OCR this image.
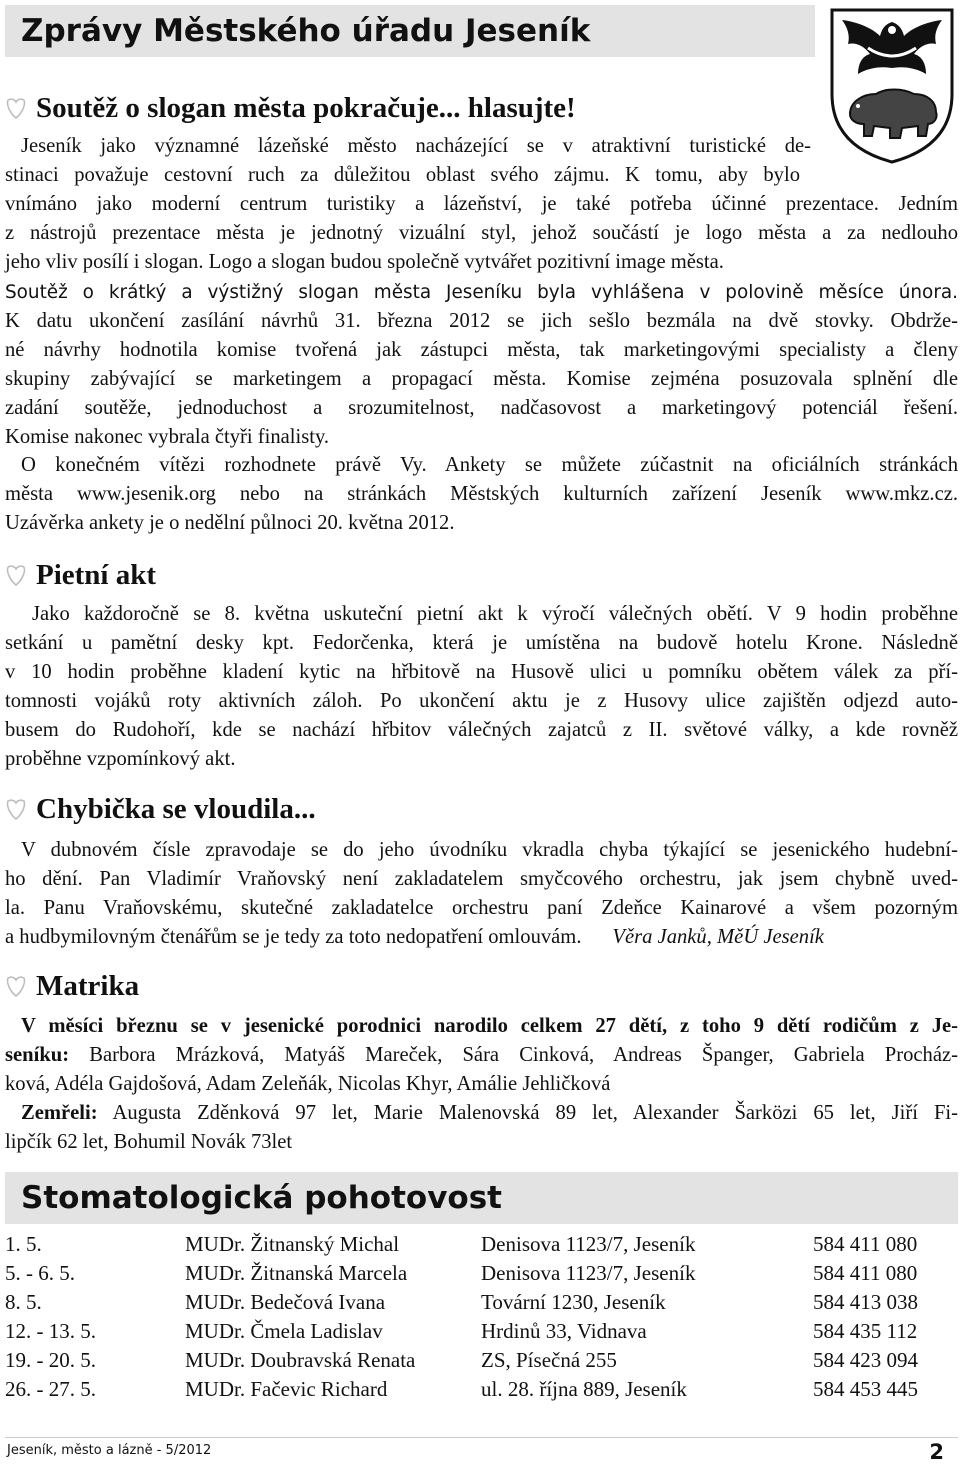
Zprávy Městského úřadu Jeseník
Soutěž o slogan města pokračuje... hlasujte!
Jeseník jako významné lázeňské město nacházející se v atraktivní turistické de-
stinaci považuje cestovní ruch za důležitou oblast svého zájmu. K tomu, aby bylo
vnímáno jako moderní centrum turistiky a lázeňství, je také potřeba účinné prezentace. Jedním
z nástrojů prezentace města je jednotný vizuální styl, jehož součástí je logo města a za nedlouho
jeho vliv posílí i slogan. Logo a slogan budou společně vytvářet pozitivní image města.
Soutěž o krátký a výstižný slogan města Jeseníku byla vyhlášena v polovině měsíce února.
K datu ukončení zasílání návrhů 31. března 2012 se jich sešlo bezmála na dvě stovky. Obdrže-
né návrhy hodnotila komise tvořená jak zástupci města, tak marketingovými specialisty a členy
skupiny zabývající se marketingem a propagací města. Komise zejména posuzovala splnění dle
zadání soutěže, jednoduchost a srozumitelnost, nadčasovost a marketingový potenciál řešení.
Komise nakonec vybrala čtyři finalisty.
O konečném vítězi rozhodnete právě Vy. Ankety se můžete zúčastnit na oficiálních stránkách
města www.jesenik.org nebo na stránkách Městských kulturních zařízení Jeseník www.mkz.cz.
Uzávěrka ankety je o nedělní půlnoci 20. května 2012.
Pietní akt
Jako každoročně se 8. května uskuteční pietní akt k výročí válečných obětí. V 9 hodin proběhne
setkání u pamětní desky kpt. Fedorčenka, která je umístěna na budově hotelu Krone. Následně
v 10 hodin proběhne kladení kytic na hřbitově na Husově ulici u pomníku obětem válek za pří-
tomnosti vojáků roty aktivních záloh. Po ukončení aktu je z Husovy ulice zajištěn odjezd auto-
busem do Rudohoří, kde se nachází hřbitov válečných zajatců z II. světové války, a kde rovněž
proběhne vzpomínkový akt.
Chybička se vloudila...
V dubnovém čísle zpravodaje se do jeho úvodníku vkradla chyba týkající se jesenického hudební-
ho dění. Pan Vladimír Vraňovský není zakladatelem smyčcového orchestru, jak jsem chybně uved-
la. Panu Vraňovskému, skutečné zakladatelce orchestru paní Zdeňce Kainarové a všem pozorným
a hudbymilovným čtenářům se je tedy za toto nedopatření omlouvám. Věra Janků, MěÚ Jeseník
Matrika
V měsíci březnu se v jesenické porodnici narodilo celkem 27 dětí, z toho 9 dětí rodičům z Je-
seníku: Barbora Mrázková, Matyáš Mareček, Sára Cinková, Andreas Španger, Gabriela Procház-
ková, Adéla Gajdošová, Adam Zeleňák, Nicolas Khyr, Amálie Jehličková
Zemřeli: Augusta Zděnková 97 let, Marie Malenovská 89 let, Alexander Šarközi 65 let, Jiří Fi-
lipčík 62 let, Bohumil Novák 73let
Stomatologická pohotovost
1. 5.	MUDr. Žitnanský Michal	Denisova 1123/7, Jeseník	584 411 080
5. - 6. 5.	MUDr. Žitnanská Marcela	Denisova 1123/7, Jeseník	584 411 080
8. 5.	MUDr. Bedečová Ivana	Tovární 1230, Jeseník	584 413 038
12. - 13. 5.	MUDr. Čmela Ladislav	Hrdinů 33, Vidnava	584 435 112
19. - 20. 5.	MUDr. Doubravská Renata	ZS, Písečná 255	584 423 094
26. - 27. 5.	MUDr. Fačevic Richard	ul. 28. října 889, Jeseník	584 453 445
Jeseník, město a lázně - 5/2012	2
